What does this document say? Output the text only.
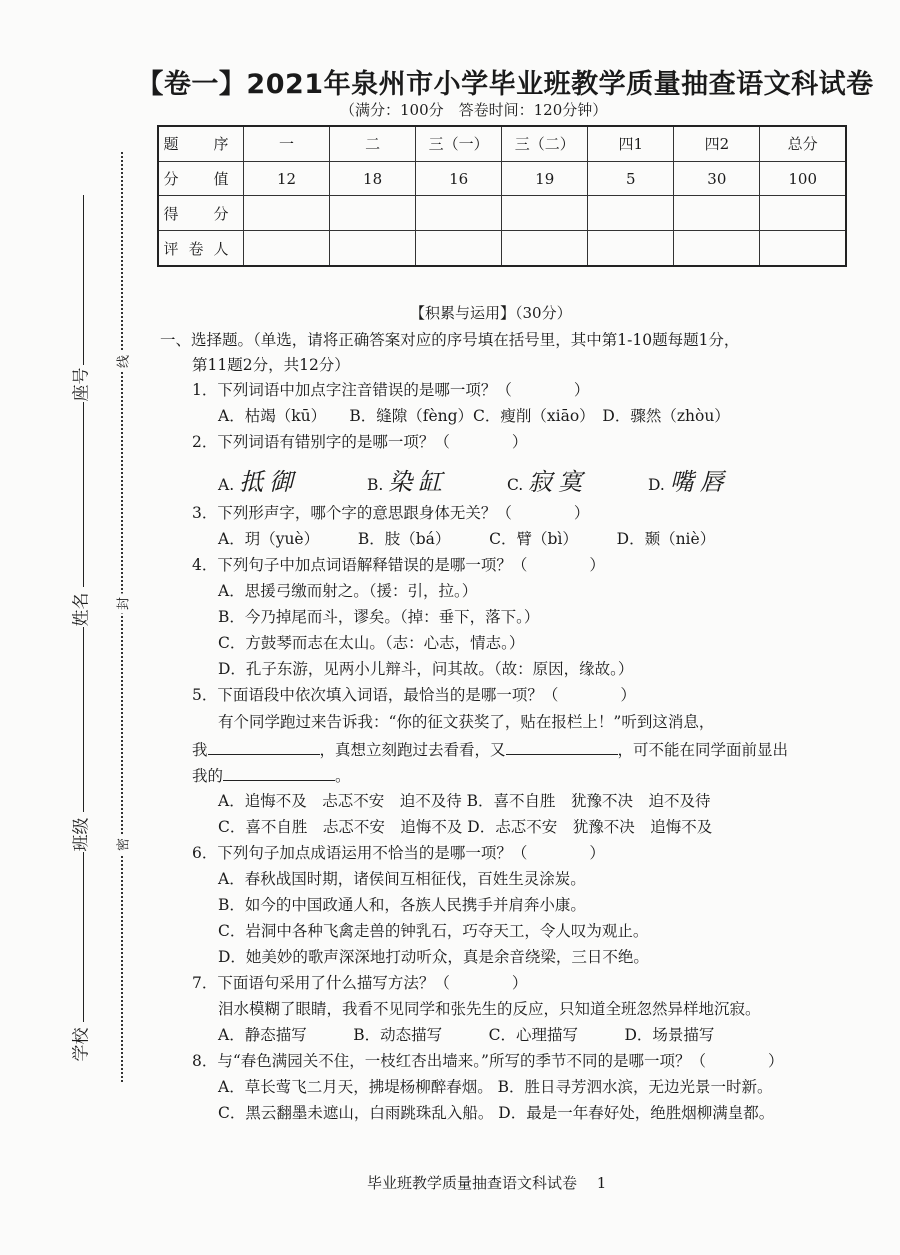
【卷一】2021年泉州市小学毕业班教学质量抽查语文科试卷
（满分：100分　答卷时间：120分钟）
题　序	一	二	三（一）	三（二）	四1	四2	总分
分　值	12	18	16	19	5	30	100
得　分							
评卷人							
线
封
密
座号
姓名
班级
学校
【积累与运用】（30分）
一、选择题。（单选，请将正确答案对应的序号填在括号里，其中第1-10题每题1分，
第11题2分，共12分）
1．下列词语中加点字注音错误的是哪一项？（　　　　）
A．枯竭（kū）　　B．缝隙（fèng）C．瘦削（xiāo）　D．骤然（zhòu）
2．下列词语有错别字的是哪一项？（　　　　）
A. 抵御	B. 染缸	C. 寂寞	D. 嘴唇
3．下列形声字，哪个字的意思跟身体无关？（　　　　）
A．玥（yuè）　　　B．肢（bá）　　　C．臂（bì）　　　D．颞（niè）
4．下列句子中加点词语解释错误的是哪一项？（　　　　）
A．思援弓缴而射之。（援：引，拉。）
B．今乃掉尾而斗，谬矣。（掉：垂下，落下。）
C．方鼓琴而志在太山。（志：心志，情志。）
D．孔子东游，见两小儿辩斗，问其故。（故：原因，缘故。）
5．下面语段中依次填入词语，最恰当的是哪一项？（　　　　）
有个同学跑过来告诉我：“你的征文获奖了，贴在报栏上！”听到这消息，
我	，真想立刻跑过去看看，又	，可不能在同学面前显出
我的	。
A．追悔不及　忐忑不安　迫不及待 B．喜不自胜　犹豫不决　迫不及待
C．喜不自胜　忐忑不安　追悔不及 D．忐忑不安　犹豫不决　追悔不及
6．下列句子加点成语运用不恰当的是哪一项？（　　　　）
A．春秋战国时期，诸侯间互相征伐，百姓生灵涂炭。
B．如今的中国政通人和，各族人民携手并肩奔小康。
C．岩洞中各种飞禽走兽的钟乳石，巧夺天工，令人叹为观止。
D．她美妙的歌声深深地打动听众，真是余音绕梁，三日不绝。
7．下面语句采用了什么描写方法？（　　　　）
泪水模糊了眼睛，我看不见同学和张先生的反应，只知道全班忽然异样地沉寂。
A．静态描写　　　B．动态描写　　　C．心理描写　　　D．场景描写
8．与“春色满园关不住，一枝红杏出墙来。”所写的季节不同的是哪一项？（　　　　）
A．草长莺飞二月天，拂堤杨柳醉春烟。 B．胜日寻芳泗水滨，无边光景一时新。
C．黑云翻墨未遮山，白雨跳珠乱入船。 D．最是一年春好处，绝胜烟柳满皇都。
毕业班教学质量抽查语文科试卷　 1
